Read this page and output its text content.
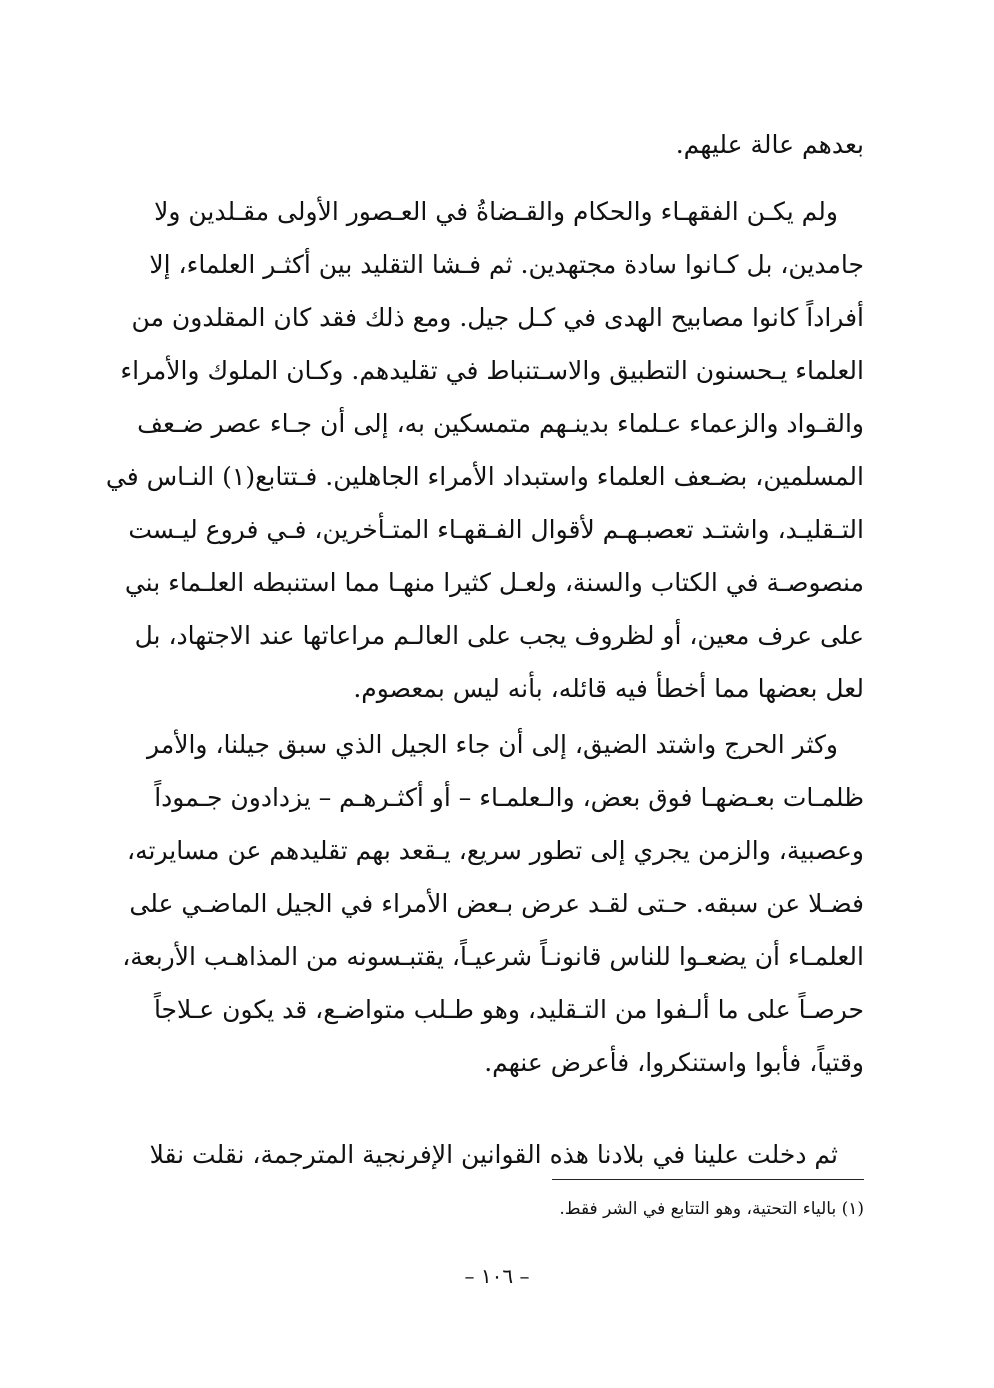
بعدهم عالة عليهم.
ولم يكـن الفقهـاء والحكام والقـضاةُ في العـصور الأولى مقـلدين ولا
جامدين، بل كـانوا سادة مجتهدين. ثم فـشا التقليد بين أكثـر العلماء، إلا
أفراداً كانوا مصابيح الهدى في كـل جيل. ومع ذلك فقد كان المقلدون من
العلماء يـحسنون التطبيق والاسـتنباط في تقليدهم. وكـان الملوك والأمراء
والقـواد والزعماء عـلماء بدينـهم متمسكين به، إلى أن جـاء عصر ضـعف
المسلمين، بضـعف العلماء واستبداد الأمراء الجاهلين. فـتتابع(١) النـاس في
التـقليـد، واشتـد تعصبـهـم لأقوال الفـقهـاء المتـأخرين، فـي فروع ليـست
منصوصـة في الكتاب والسنة، ولعـل كثيرا منهـا مما استنبطه العلـماء بني
على عرف معين، أو لظروف يجب على العالـم مراعاتها عند الاجتهاد، بل
لعل بعضها مما أخطأ فيه قائله، بأنه ليس بمعصوم.
وكثر الحرج واشتد الضيق، إلى أن جاء الجيل الذي سبق جيلنا، والأمر
ظلمـات بعـضهـا فوق بعض، والـعلمـاء – أو أكثـرهـم – يزدادون جـموداً
وعصبية، والزمن يجري إلى تطور سريع، يـقعد بهم تقليدهم عن مسايرته،
فضـلا عن سبقه. حـتى لقـد عرض بـعض الأمراء في الجيل الماضـي على
العلمـاء أن يضعـوا للناس قانونـاً شرعيـاً، يقتبـسونه من المذاهـب الأربعة،
حرصـاً على ما ألـفوا من التـقليد، وهو طـلب متواضـع، قد يكون عـلاجاً
وقتياً، فأبوا واستنكروا، فأعرض عنهم.
ثم دخلت علينا في بلادنا هذه القوانين الإفرنجية المترجمة، نقلت نقلا
(١) بالياء التحتية، وهو التتابع في الشر فقط.
– ١٠٦ –
